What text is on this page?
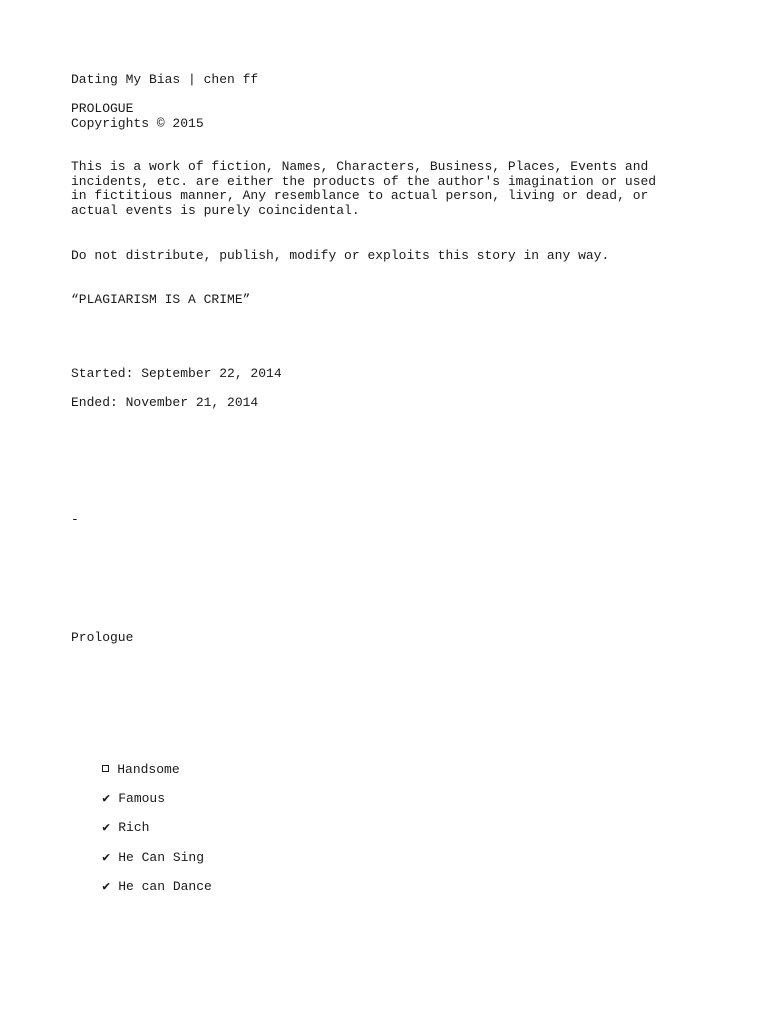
Dating My Bias | chen ff
PROLOGUE
Copyrights © 2015
This is a work of fiction, Names, Characters, Business, Places, Events and incidents, etc. are either the products of the author's imagination or used in fictitious manner, Any resemblance to actual person, living or dead, or actual events is purely coincidental.
Do not distribute, publish, modify or exploits this story in any way.
“PLAGIARISM IS A CRIME”
Started: September 22, 2014
Ended: November 21, 2014
-
Prologue

Handsome

✔ Famous

✔ Rich

✔ He Can Sing

✔ He can Dance
